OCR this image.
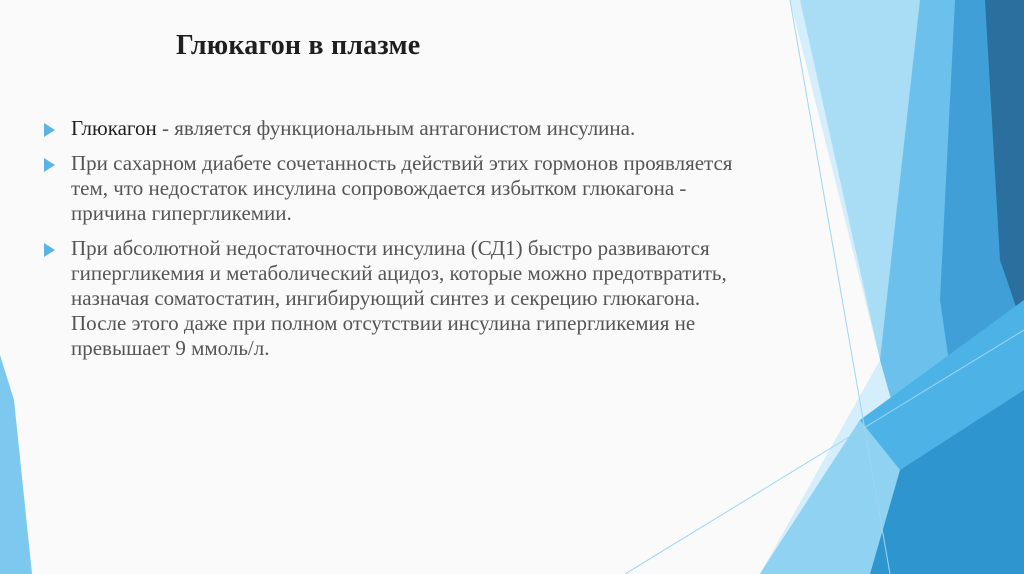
Глюкагон в плазме
Глюкагон - является функциональным антагонистом инсулина.
При сахарном диабете сочетанность действий этих гормонов проявляется тем, что недостаток инсулина сопровождается избытком глюкагона - причина гипергликемии.
При абсолютной недостаточности инсулина (СД1) быстро развиваются гипергликемия и метаболический ацидоз, которые можно предотвратить, назначая соматостатин, ингибирующий синтез и секрецию глюкагона. После этого даже при полном отсутствии инсулина гипергликемия не превышает 9 ммоль/л.
